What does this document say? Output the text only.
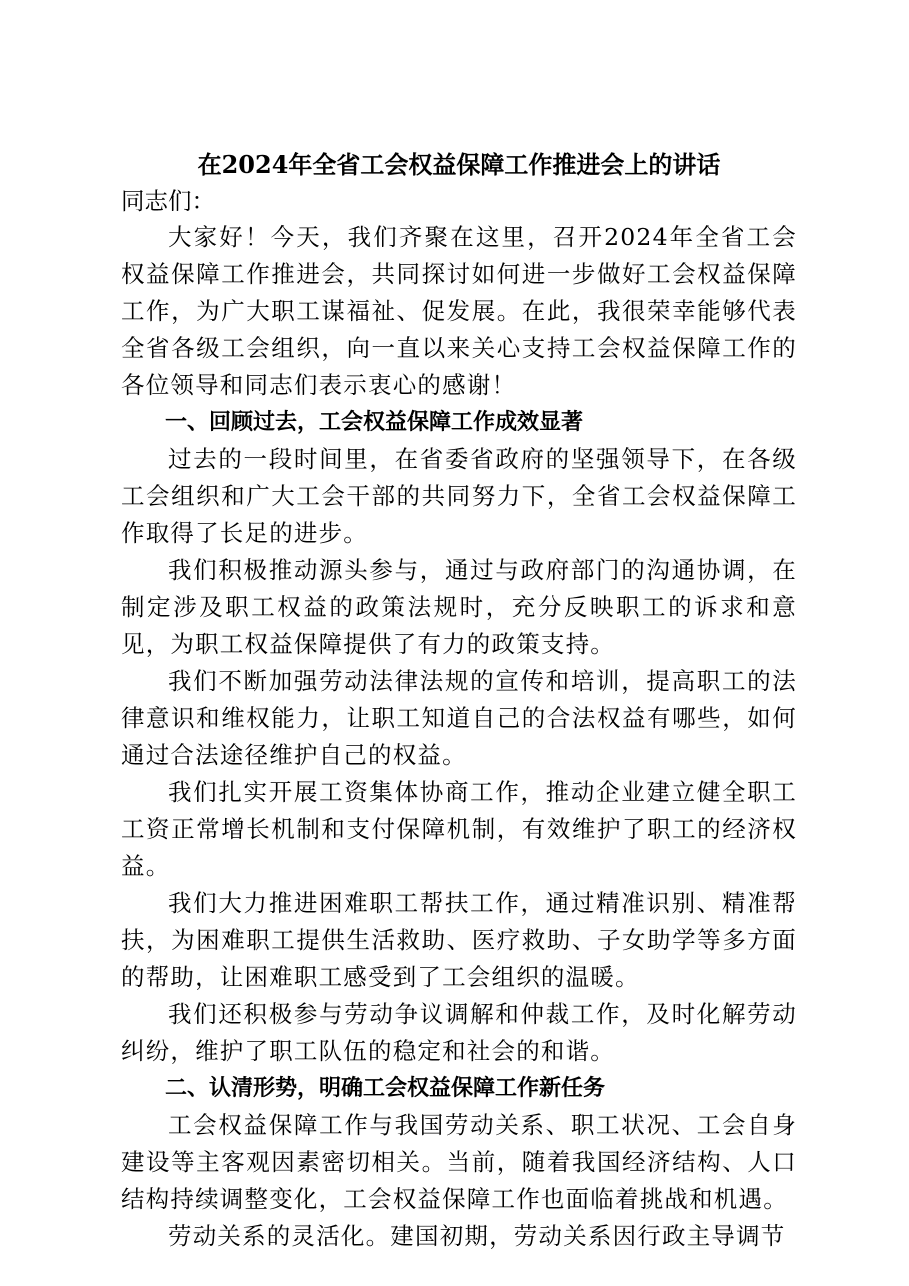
在2024年全省工会权益保障工作推进会上的讲话

同志们：

大家好！今天，我们齐聚在这里，召开2024年全省工会权益保障工作推进会，共同探讨如何进一步做好工会权益保障工作，为广大职工谋福祉、促发展。在此，我很荣幸能够代表全省各级工会组织，向一直以来关心支持工会权益保障工作的各位领导和同志们表示衷心的感谢！

一、回顾过去，工会权益保障工作成效显著

过去的一段时间里，在省委省政府的坚强领导下，在各级工会组织和广大工会干部的共同努力下，全省工会权益保障工作取得了长足的进步。

我们积极推动源头参与，通过与政府部门的沟通协调，在制定涉及职工权益的政策法规时，充分反映职工的诉求和意见，为职工权益保障提供了有力的政策支持。

我们不断加强劳动法律法规的宣传和培训，提高职工的法律意识和维权能力，让职工知道自己的合法权益有哪些，如何通过合法途径维护自己的权益。

我们扎实开展工资集体协商工作，推动企业建立健全职工工资正常增长机制和支付保障机制，有效维护了职工的经济权益。

我们大力推进困难职工帮扶工作，通过精准识别、精准帮扶，为困难职工提供生活救助、医疗救助、子女助学等多方面的帮助，让困难职工感受到了工会组织的温暖。

我们还积极参与劳动争议调解和仲裁工作，及时化解劳动纠纷，维护了职工队伍的稳定和社会的和谐。

二、认清形势，明确工会权益保障工作新任务

工会权益保障工作与我国劳动关系、职工状况、工会自身建设等主客观因素密切相关。当前，随着我国经济结构、人口结构持续调整变化，工会权益保障工作也面临着挑战和机遇。

劳动关系的灵活化。建国初期，劳动关系因行政主导调节
